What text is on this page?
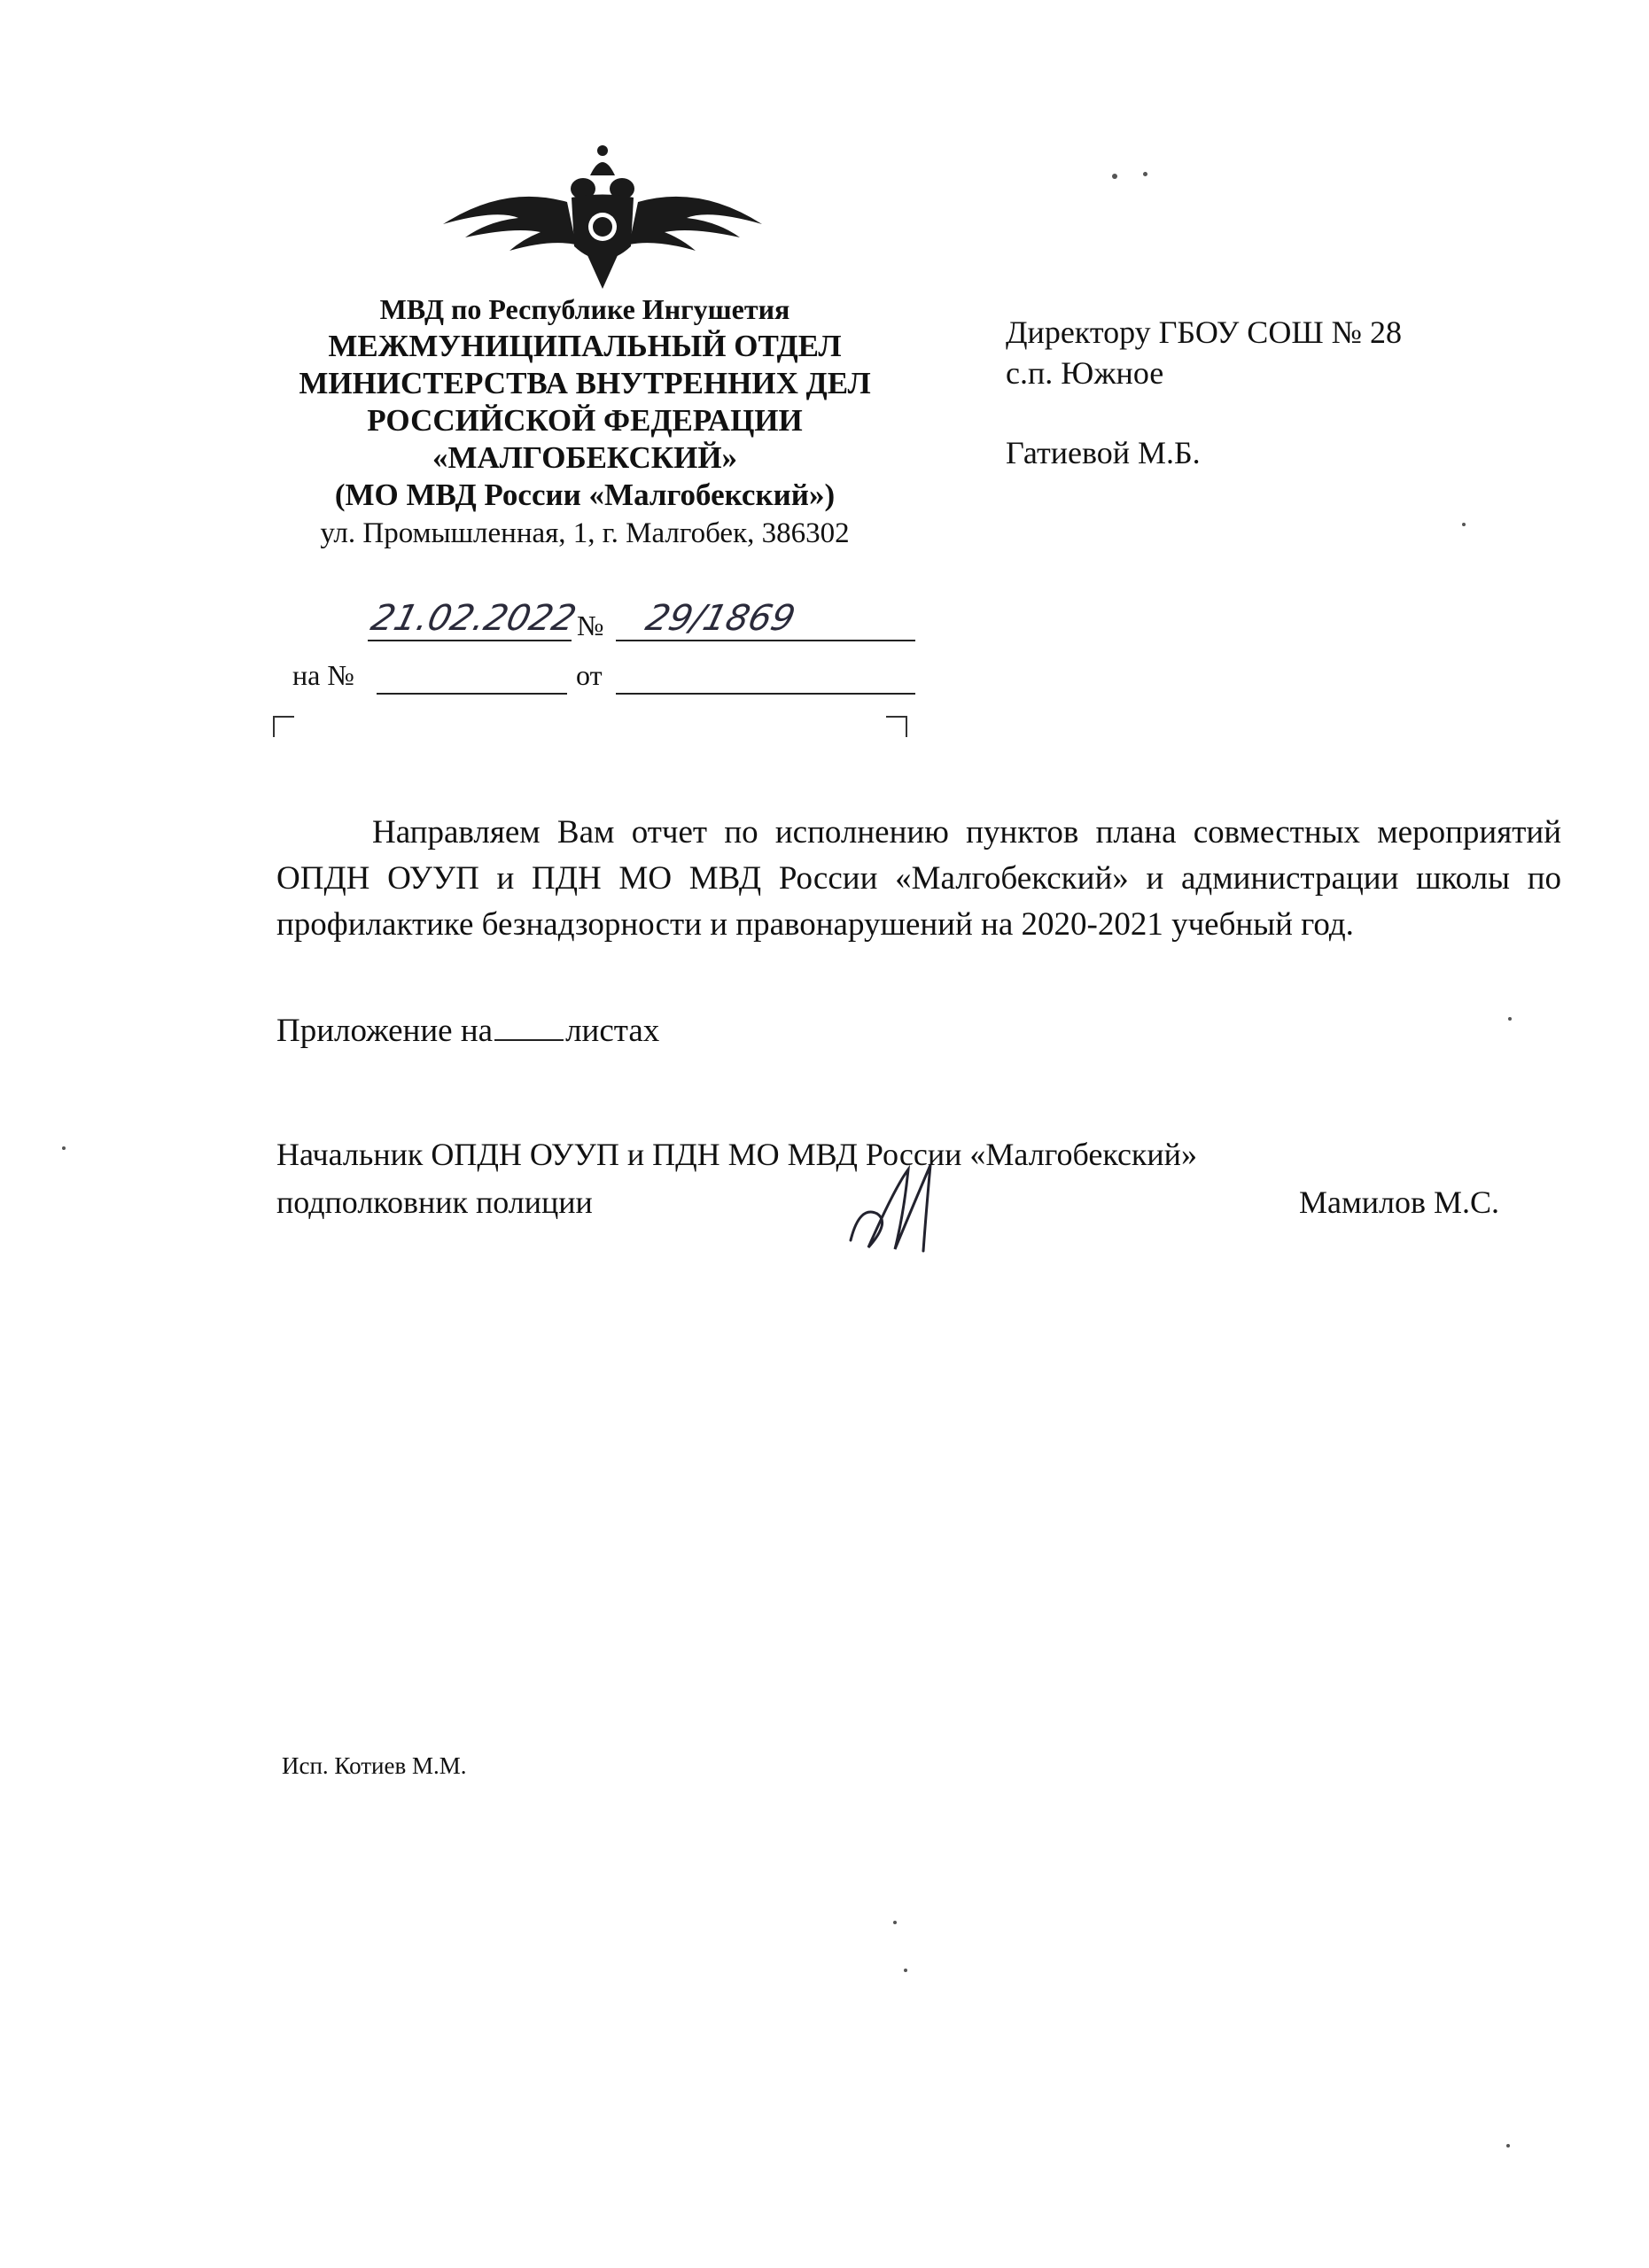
МВД по Республике Ингушетия
МЕЖМУНИЦИПАЛЬНЫЙ ОТДЕЛ
МИНИСТЕРСТВА ВНУТРЕННИХ ДЕЛ
РОССИЙСКОЙ ФЕДЕРАЦИИ
«МАЛГОБЕКСКИЙ»
(МО МВД России «Малгобекский»)
ул. Промышленная, 1, г. Малгобек, 386302
Директору ГБОУ СОШ № 28
с.п. Южное
Гатиевой М.Б.
21.02.2022
№ 29/1869
на №	от
Направляем Вам отчет по исполнению пунктов плана совместных мероприятий ОПДН ОУУП и ПДН МО МВД России «Малгобекский» и администрации школы по профилактике безнадзорности и правонарушений на 2020-2021 учебный год.
Приложение на листах
Начальник ОПДН ОУУП и ПДН МО МВД России «Малгобекский»
подполковник полиции	Мамилов М.С.
Исп. Котиев М.М.
